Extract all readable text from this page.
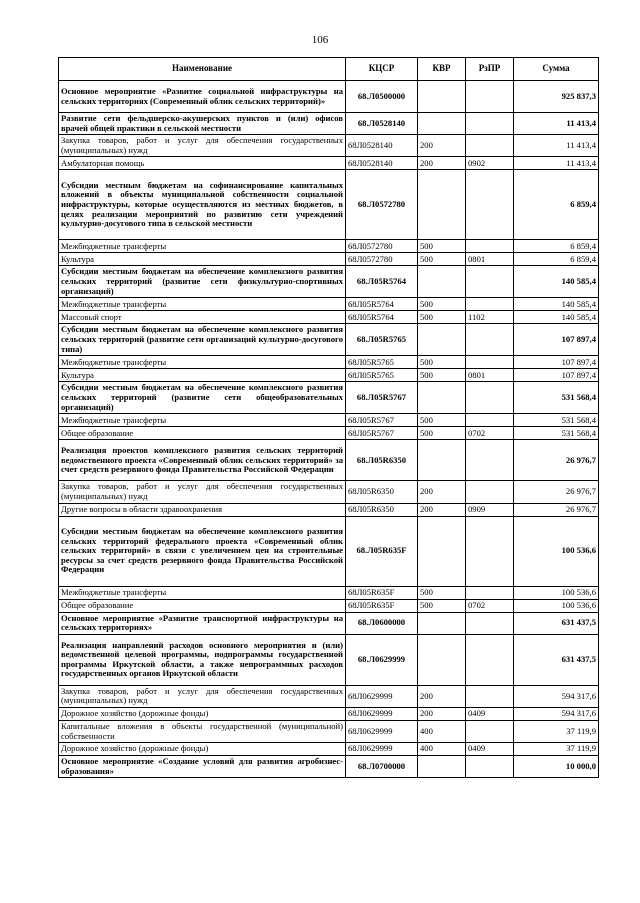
106
Наименование	КЦСР	КВР	РзПР	Сумма
Основное мероприятие «Развитие социальной инфраструктуры на сельских территориях (Современный облик сельских территорий)»	68.Л0500000			925 837,3
Развитие сети фельдшерско-акушерских пунктов и (или) офисов врачей общей практики в сельской местности	68.Л0528140			11 413,4
Закупка товаров, работ и услуг для обеспечения государственных (муниципальных) нужд	68Л0528140	200		11 413,4
Амбулаторная помощь	68Л0528140	200	0902	11 413,4
Субсидии местным бюджетам на софинансирование капитальных вложений в объекты муниципальной собственности социальной инфраструктуры, которые осуществляются из местных бюджетов, в целях реализации мероприятий по развитию сети учреждений культурно-досугового типа в сельской местности	68.Л0572780			6 859,4
Межбюджетные трансферты	68Л0572780	500		6 859,4
Культура	68Л0572780	500	0801	6 859,4
Субсидии местным бюджетам на обеспечение комплексного развития сельских территорий (развитие сети физкультурно-спортивных организаций)	68.Л05R5764			140 585,4
Межбюджетные трансферты	68Л05R5764	500		140 585,4
Массовый спорт	68Л05R5764	500	1102	140 585,4
Субсидии местным бюджетам на обеспечение комплексного развития сельских территорий (развитие сети организаций культурно-досугового типа)	68.Л05R5765			107 897,4
Межбюджетные трансферты	68Л05R5765	500		107 897,4
Культура	68Л05R5765	500	0801	107 897,4
Субсидии местным бюджетам на обеспечение комплексного развития сельских территорий (развитие сети общеобразовательных организаций)	68.Л05R5767			531 568,4
Межбюджетные трансферты	68Л05R5767	500		531 568,4
Общее образование	68Л05R5767	500	0702	531 568,4
Реализация проектов комплексного развития сельских территорий ведомственного проекта «Современный облик сельских территорий» за счет средств резервного фонда Правительства Российской Федерации	68.Л05R6350			26 976,7
Закупка товаров, работ и услуг для обеспечения государственных (муниципальных) нужд	68Л05R6350	200		26 976,7
Другие вопросы в области здравоохранения	68Л05R6350	200	0909	26 976,7
Субсидии местным бюджетам на обеспечение комплексного развития сельских территорий федерального проекта «Современный облик сельских территорий» в связи с увеличением цен на строительные ресурсы за счет средств резервного фонда Правительства Российской Федерации	68.Л05R635F			100 536,6
Межбюджетные трансферты	68Л05R635F	500		100 536,6
Общее образование	68Л05R635F	500	0702	100 536,6
Основное мероприятие «Развитие транспортной инфраструктуры на сельских территориях»	68.Л0600000			631 437,5
Реализация направлений расходов основного мероприятия и (или) ведомственной целевой программы, подпрограммы государственной программы Иркутской области, а также непрограммных расходов государственных органов Иркутской области	68.Л0629999			631 437,5
Закупка товаров, работ и услуг для обеспечения государственных (муниципальных) нужд	68Л0629999	200		594 317,6
Дорожное хозяйство (дорожные фонды)	68Л0629999	200	0409	594 317,6
Капитальные вложения в объекты государственной (муниципальной) собственности	68Л0629999	400		37 119,9
Дорожное хозяйство (дорожные фонды)	68Л0629999	400	0409	37 119,9
Основное мероприятие «Создание условий для развития агробизнес-образования»	68.Л0700000			10 000,0
